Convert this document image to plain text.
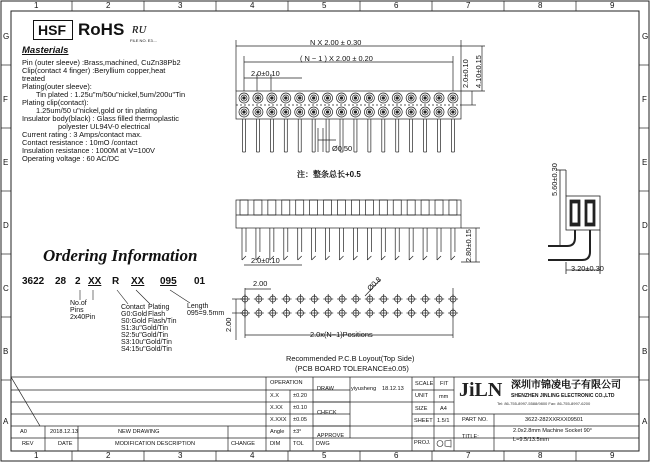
HSF RoHS ʀᴜ
FILE NO. E3....
Masterials
Ordering Information
N X 2.00 ± 0.30
( N − 1 ) X 2.00 ± 0.20
2.0±0.10	2.0±0.10 4.10±0.15
Ø0.50
注：整条总长+0.5	5.60±0.30
3.20±0.30
2.0±0.10	2.80±0.15
2.00
2.00
Ø0.8
2.0x(N−1)Positions
Recommended P.C.B Loyout(Top Side)
(PCB BOARD TOLERANCE±0.05)
OPERATION
DRAW
CHECK
APPROVE
yiyusheng 18.12.13
SCALE FIT
UNIT mm
SIZE A4
SHEET 1.5/1
PROJ.
JiLN 深圳市锦凌电子有限公司
SHENZHEN JINLING ELECTRONIC CO.,LTD
Tel: 86-755-8997-5588/9800 Fax: 86-755-8997-6200
PART NO.	3622-282XXRXX09501
TITLE:
2.0x2.8mm Machine Socket 90°
L=9.5/13.5mm
1
1
2
2
3
3
4
4
5
5
6
6
7
7
8
8
9
9
G	G
F	F
E	E
D	D
C	C
B	B
A	A
Pin (outer sleeve) :Brass,machined, CuZn38Pb2
Clip(contact 4 finger) :Beryllium copper,heat
treated
Plating(outer sleeve):
Tin plated : 1.25u"m/50u"nickel,5um/200u"Tin
Plating clip(contact):
1.25um/50 u"nickel,gold or tin plating
Insulator body(black) : Glass filled thermoplastic
polyester UL94V-0 electrical
Current rating : 3 Amps/contact max.
Contact resistance : 10mO /contact
Insulation resistance : 1000M at V=100V
Operating voltage : 60 AC/DC
3622 28 2 XX R XX 095 01
No.of
Pins
2x40Pin
Contact
G0:Gold
S0:Gold
S1:3u"Gold/Tin
S2:5u"Gold/Tin
S3:10u"Gold/Tin
S4:15u"Gold/Tin
Plating
Flash
Flash/Tin
Length
095=9.5mm
X.X ±0.20
X.XX ±0.10
X.XXX ±0.05
Angle ±3°
A0	2018.12.13	NEW DRAWING
REV	DATE	MODIFICATION DESCRIPTION	CHANGE	DIM TOL DWG
